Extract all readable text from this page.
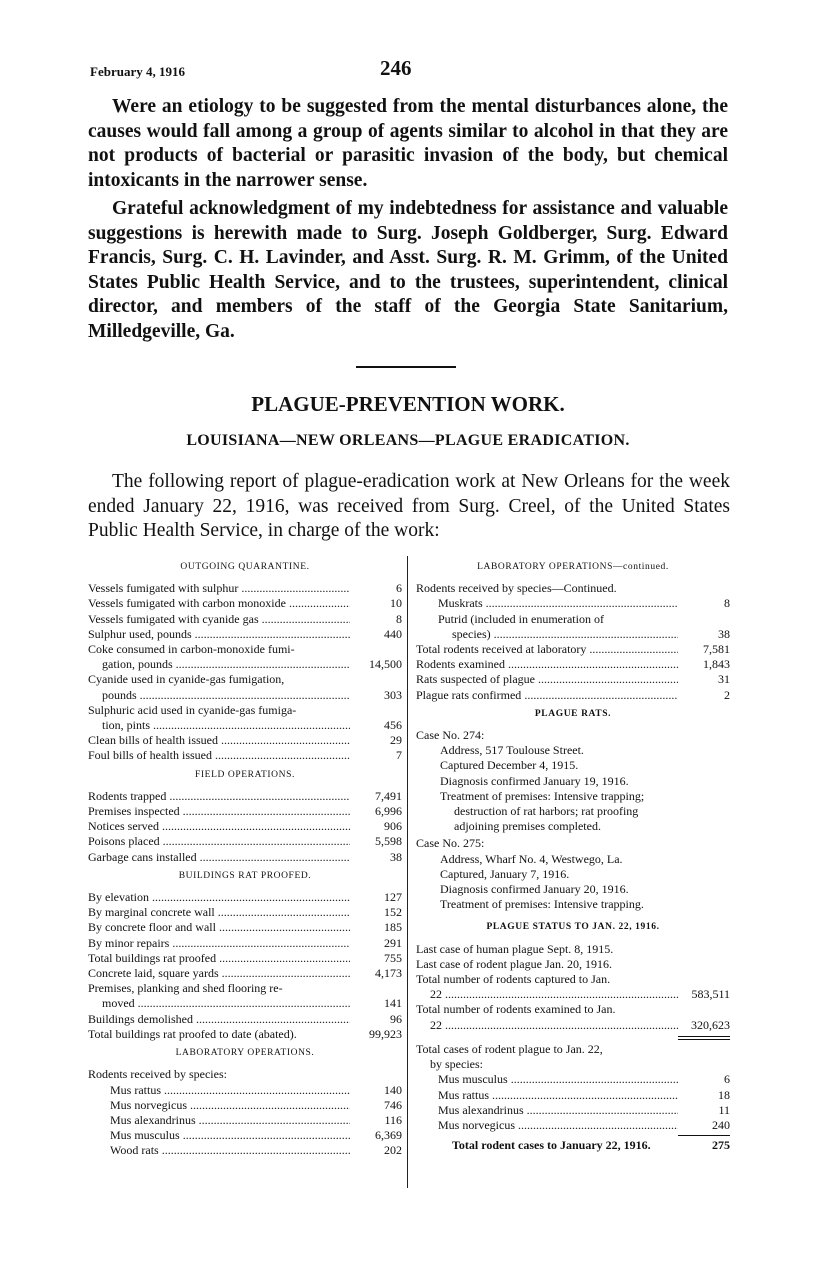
February 4, 1916	246

Were an etiology to be suggested from the mental disturbances alone, the causes would fall among a group of agents similar to alcohol in that they are not products of bacterial or parasitic invasion of the body, but chemical intoxicants in the narrower sense.

Grateful acknowledgment of my indebtedness for assistance and valuable suggestions is herewith made to Surg. Joseph Goldberger, Surg. Edward Francis, Surg. C. H. Lavinder, and Asst. Surg. R. M. Grimm, of the United States Public Health Service, and to the trustees, superintendent, clinical director, and members of the staff of the Georgia State Sanitarium, Milledgeville, Ga.

PLAGUE-PREVENTION WORK.
LOUISIANA—NEW ORLEANS—PLAGUE ERADICATION.

The following report of plague-eradication work at New Orleans for the week ended January 22, 1916, was received from Surg. Creel, of the United States Public Health Service, in charge of the work:

OUTGOING QUARANTINE.
Vessels fumigated with sulphur .....	6
Vessels fumigated with carbon monoxide .....	10
Vessels fumigated with cyanide gas .....	8
Sulphur used, pounds .....	440
Coke consumed in carbon-monoxide fumi-
gation, pounds .....	14,500
Cyanide used in cyanide-gas fumigation,
pounds .....	303
Sulphuric acid used in cyanide-gas fumiga-
tion, pints .....	456
Clean bills of health issued .....	29
Foul bills of health issued .....	7
FIELD OPERATIONS.
Rodents trapped .....	7,491
Premises inspected .....	6,996
Notices served .....	906
Poisons placed .....	5,598
Garbage cans installed .....	38
BUILDINGS RAT PROOFED.
By elevation .....	127
By marginal concrete wall .....	152
By concrete floor and wall .....	185
By minor repairs .....	291
Total buildings rat proofed .....	755
Concrete laid, square yards .....	4,173
Premises, planking and shed flooring re-
moved .....	141
Buildings demolished .....	96
Total buildings rat proofed to date (abated).	99,923
LABORATORY OPERATIONS.
Rodents received by species:
Mus rattus .....	140
Mus norvegicus .....	746
Mus alexandrinus .....	116
Mus musculus .....	6,369
Wood rats .....	202
LABORATORY OPERATIONS—continued.
Rodents received by species—Continued.
Muskrats .....	8
Putrid (included in enumeration of
species) .....	38
Total rodents received at laboratory .....	7,581
Rodents examined .....	1,843
Rats suspected of plague .....	31
Plague rats confirmed .....	2
PLAGUE RATS.
Case No. 274:
Address, 517 Toulouse Street.
Captured December 4, 1915.
Diagnosis confirmed January 19, 1916.
Treatment of premises: Intensive trapping;
destruction of rat harbors; rat proofing
adjoining premises completed.
Case No. 275:
Address, Wharf No. 4, Westwego, La.
Captured, January 7, 1916.
Diagnosis confirmed January 20, 1916.
Treatment of premises: Intensive trapping.
PLAGUE STATUS TO JAN. 22, 1916.
Last case of human plague Sept. 8, 1915.
Last case of rodent plague Jan. 20, 1916.
Total number of rodents captured to Jan.
22 .....	583,511
Total number of rodents examined to Jan.
22 .....	320,623
Total cases of rodent plague to Jan. 22,
by species:
Mus musculus .....	6
Mus rattus .....	18
Mus alexandrinus .....	11
Mus norvegicus .....	240
Total rodent cases to January 22, 1916.	275
